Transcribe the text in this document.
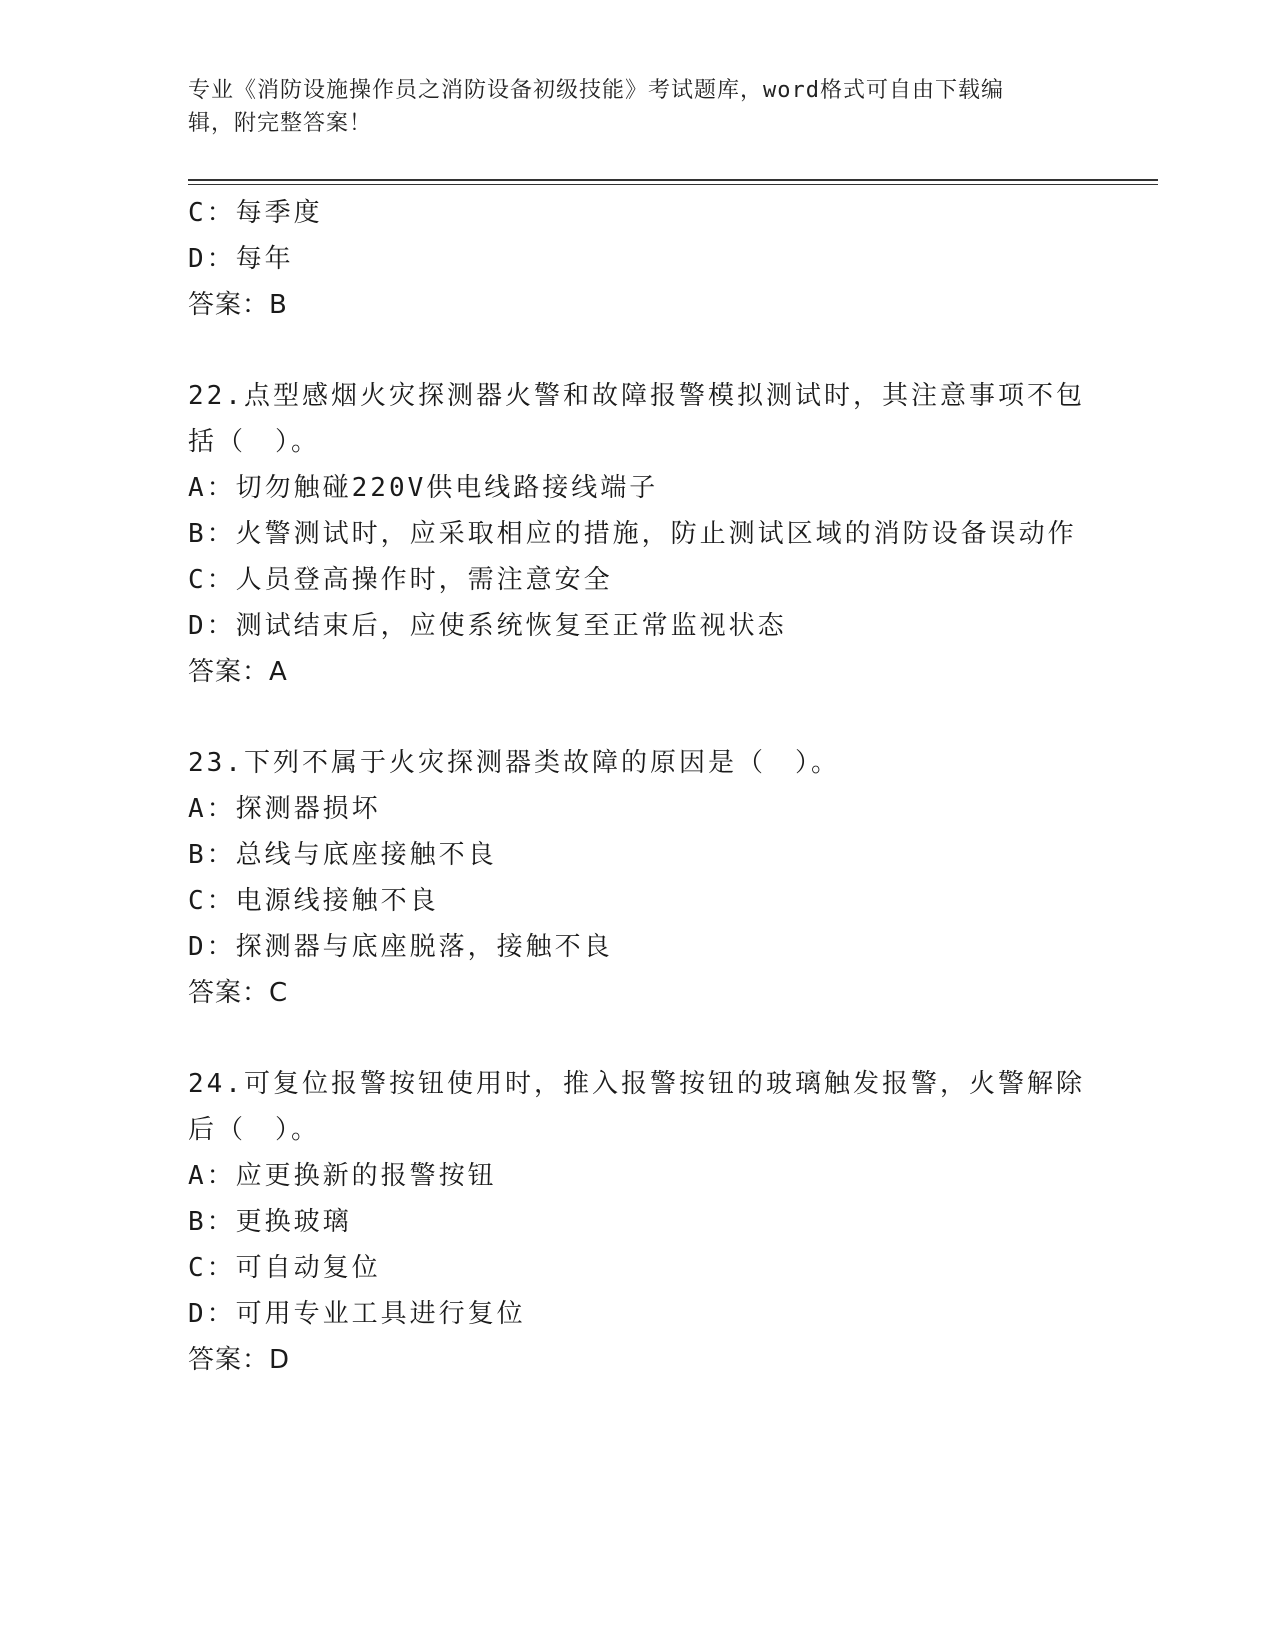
专业《消防设施操作员之消防设备初级技能》考试题库，word格式可自由下载编
辑，附完整答案！
C：每季度
D：每年
答案：B
22.点型感烟火灾探测器火警和故障报警模拟测试时，其注意事项不包
括（　）。
A：切勿触碰220V供电线路接线端子
B：火警测试时，应采取相应的措施，防止测试区域的消防设备误动作
C：人员登高操作时，需注意安全
D：测试结束后，应使系统恢复至正常监视状态
答案：A
23.下列不属于火灾探测器类故障的原因是（　）。
A：探测器损坏
B：总线与底座接触不良
C：电源线接触不良
D：探测器与底座脱落，接触不良
答案：C
24.可复位报警按钮使用时，推入报警按钮的玻璃触发报警，火警解除
后（　）。
A：应更换新的报警按钮
B：更换玻璃
C：可自动复位
D：可用专业工具进行复位
答案：D
